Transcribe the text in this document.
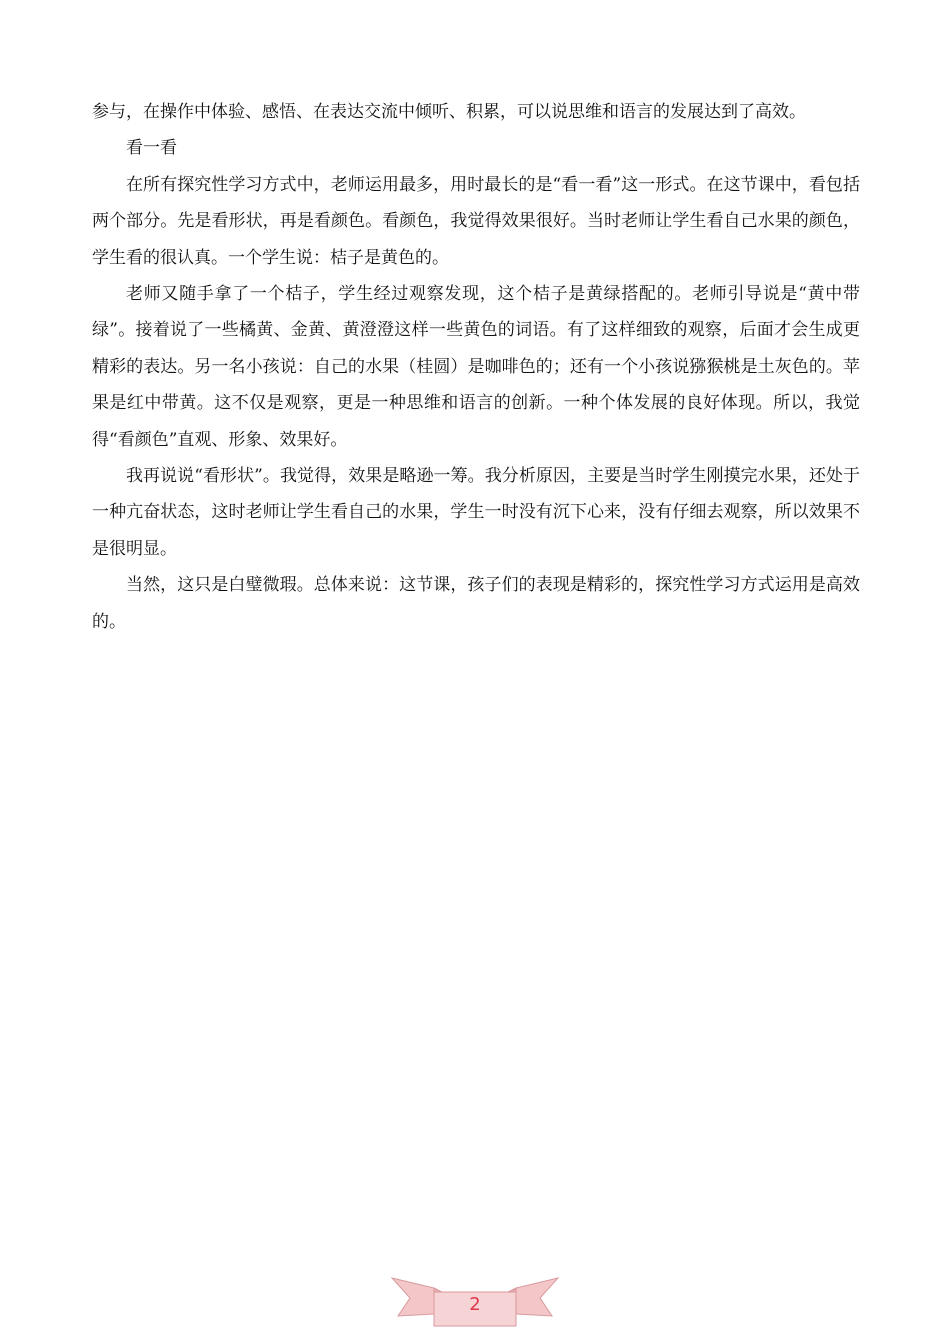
参与，在操作中体验、感悟、在表达交流中倾听、积累，可以说思维和语言的发展达到了高效。

看一看

在所有探究性学习方式中，老师运用最多，用时最长的是“看一看”这一形式。在这节课中，看包括两个部分。先是看形状，再是看颜色。看颜色，我觉得效果很好。当时老师让学生看自己水果的颜色，学生看的很认真。一个学生说：桔子是黄色的。

老师又随手拿了一个桔子，学生经过观察发现，这个桔子是黄绿搭配的。老师引导说是“黄中带绿”。接着说了一些橘黄、金黄、黄澄澄这样一些黄色的词语。有了这样细致的观察，后面才会生成更精彩的表达。另一名小孩说：自己的水果（桂圆）是咖啡色的；还有一个小孩说猕猴桃是土灰色的。苹果是红中带黄。这不仅是观察，更是一种思维和语言的创新。一种个体发展的良好体现。所以，我觉得“看颜色”直观、形象、效果好。

我再说说“看形状”。我觉得，效果是略逊一筹。我分析原因，主要是当时学生刚摸完水果，还处于一种亢奋状态，这时老师让学生看自己的水果，学生一时没有沉下心来，没有仔细去观察，所以效果不是很明显。

当然，这只是白璧微瑕。总体来说：这节课，孩子们的表现是精彩的，探究性学习方式运用是高效的。

2
